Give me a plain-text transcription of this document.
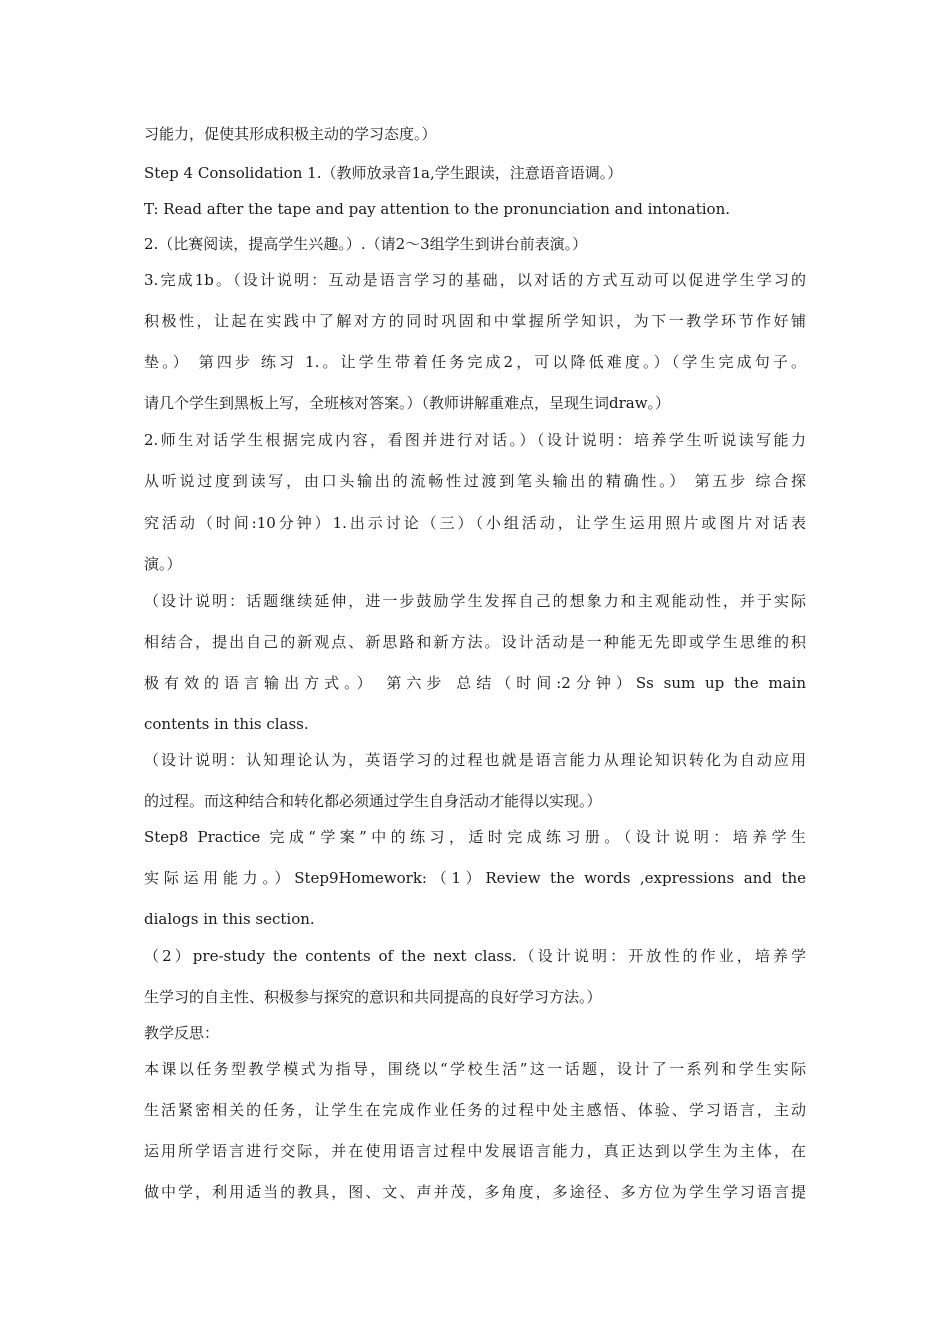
习能力，促使其形成积极主动的学习态度。）
Step 4 Consolidation 1.（教师放录音1a,学生跟读，注意语音语调。）
T: Read after the tape and pay attention to the pronunciation and intonation.
2.（比赛阅读，提高学生兴趣。）.（请2～3组学生到讲台前表演。）
3.完成1b。（设计说明：互动是语言学习的基础，以对话的方式互动可以促进学生学习的
积极性，让起在实践中了解对方的同时巩固和中掌握所学知识，为下一教学环节作好铺
垫。） 第四步 练习 1.。让学生带着任务完成2，可以降低难度。）（学生完成句子。
请几个学生到黑板上写，全班核对答案。）（教师讲解重难点，呈现生词draw。）
2.师生对话学生根据完成内容，看图并进行对话。）（设计说明：培养学生听说读写能力
从听说过度到读写，由口头输出的流畅性过渡到笔头输出的精确性。） 第五步 综合探
究活动（时间:10分钟）1.出示讨论（三）（小组活动，让学生运用照片或图片对话表
演。）
（设计说明：话题继续延伸，进一步鼓励学生发挥自己的想象力和主观能动性，并于实际
相结合，提出自己的新观点、新思路和新方法。设计活动是一种能无先即或学生思维的积
极有效的语言输出方式。） 第六步 总结（时间:2分钟）Ss sum up the main
contents in this class.
（设计说明：认知理论认为，英语学习的过程也就是语言能力从理论知识转化为自动应用
的过程。而这种结合和转化都必须通过学生自身活动才能得以实现。）
Step8 Practice 完成“学案”中的练习，适时完成练习册。（设计说明：培养学生
实际运用能力。）Step9Homework:（1）Review the words ,expressions and the
dialogs in this section.
（2）pre-study the contents of the next class.（设计说明：开放性的作业，培养学
生学习的自主性、积极参与探究的意识和共同提高的良好学习方法。）
教学反思：
本课以任务型教学模式为指导，围绕以“学校生活”这一话题，设计了一系列和学生实际
生活紧密相关的任务，让学生在完成作业任务的过程中处主感悟、体验、学习语言，主动
运用所学语言进行交际，并在使用语言过程中发展语言能力，真正达到以学生为主体，在
做中学，利用适当的教具，图、文、声并茂，多角度，多途径、多方位为学生学习语言提
